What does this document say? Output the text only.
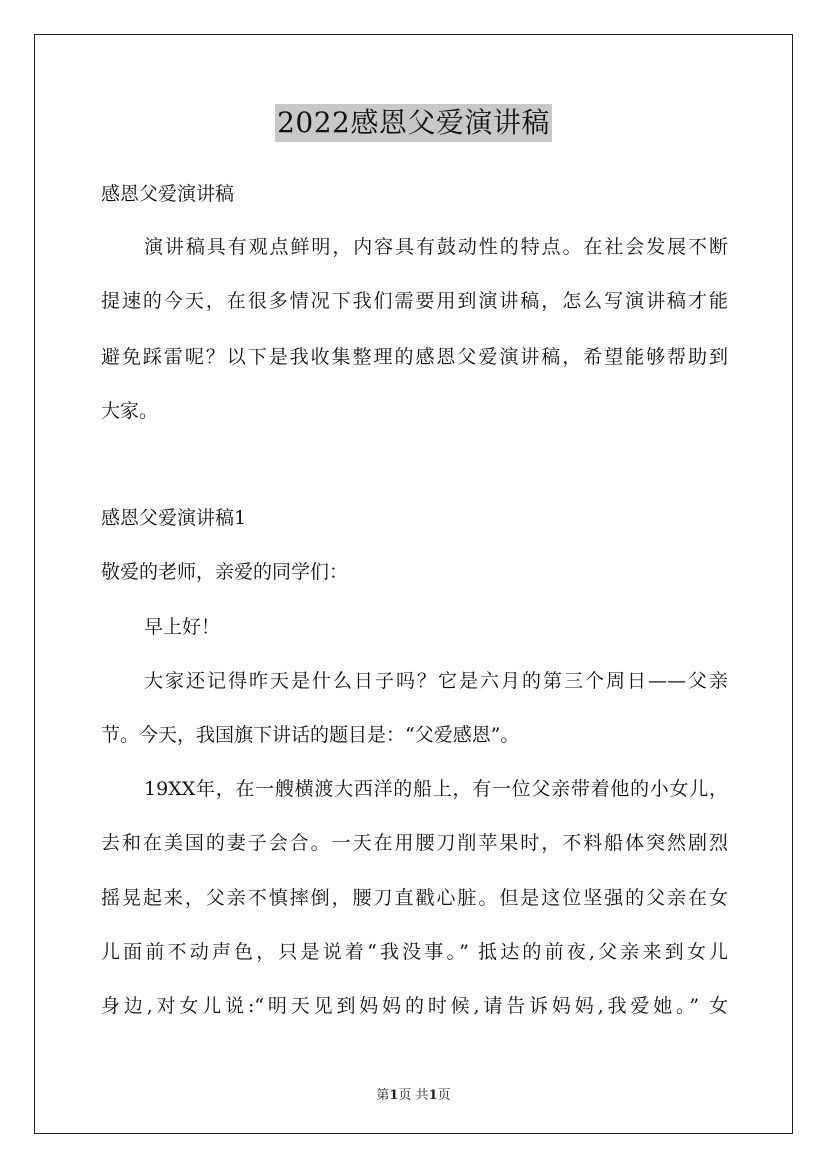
2022感恩父爱演讲稿
感恩父爱演讲稿
演讲稿具有观点鲜明，内容具有鼓动性的特点。在社会发展不断
提速的今天，在很多情况下我们需要用到演讲稿，怎么写演讲稿才能
避免踩雷呢？以下是我收集整理的感恩父爱演讲稿，希望能够帮助到
大家。
感恩父爱演讲稿1
敬爱的老师，亲爱的同学们：
早上好！
大家还记得昨天是什么日子吗？它是六月的第三个周日——父亲
节。今天，我国旗下讲话的题目是：“父爱感恩”。
19XX年，在一艘横渡大西洋的船上，有一位父亲带着他的小女儿，
去和在美国的妻子会合。一天在用腰刀削苹果时，不料船体突然剧烈
摇晃起来，父亲不慎摔倒，腰刀直戳心脏。但是这位坚强的父亲在女
儿面前不动声色，只是说着“我没事。” 抵达的前夜,父亲来到女儿
身边,对女儿说:“明天见到妈妈的时候,请告诉妈妈,我爱她。” 女
第1页 共1页
